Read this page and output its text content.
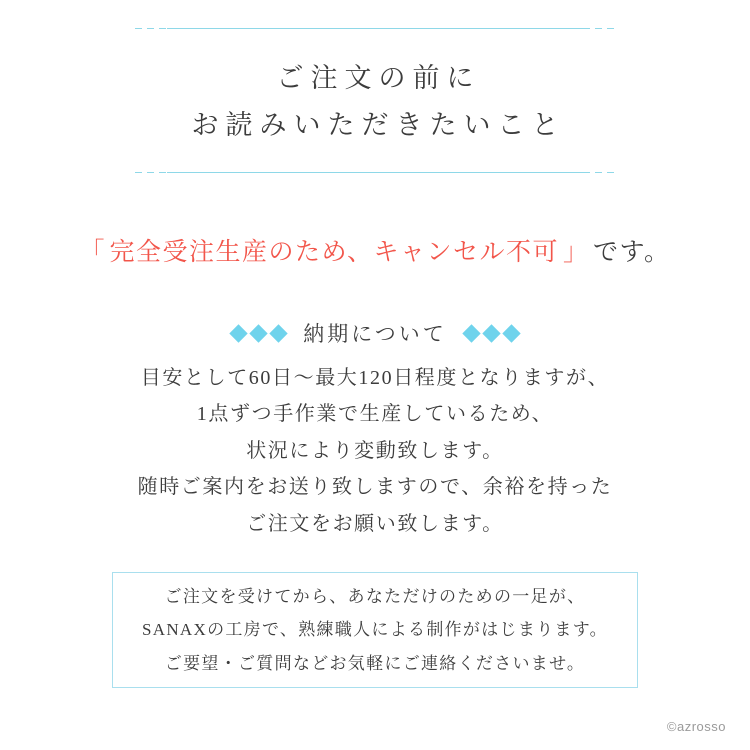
ご注文の前に
お読みいただきたいこと
「 完全受注生産のため、キャンセル不可 」 です。
納期について
目安として60日〜最大120日程度となりますが、
1点ずつ手作業で生産しているため、
状況により変動致します。
随時ご案内をお送り致しますので、余裕を持った
ご注文をお願い致します。
ご注文を受けてから、あなただけのための一足が、
SANAXの工房で、熟練職人による制作がはじまります。
ご要望・ご質問などお気軽にご連絡くださいませ。
©azrosso
